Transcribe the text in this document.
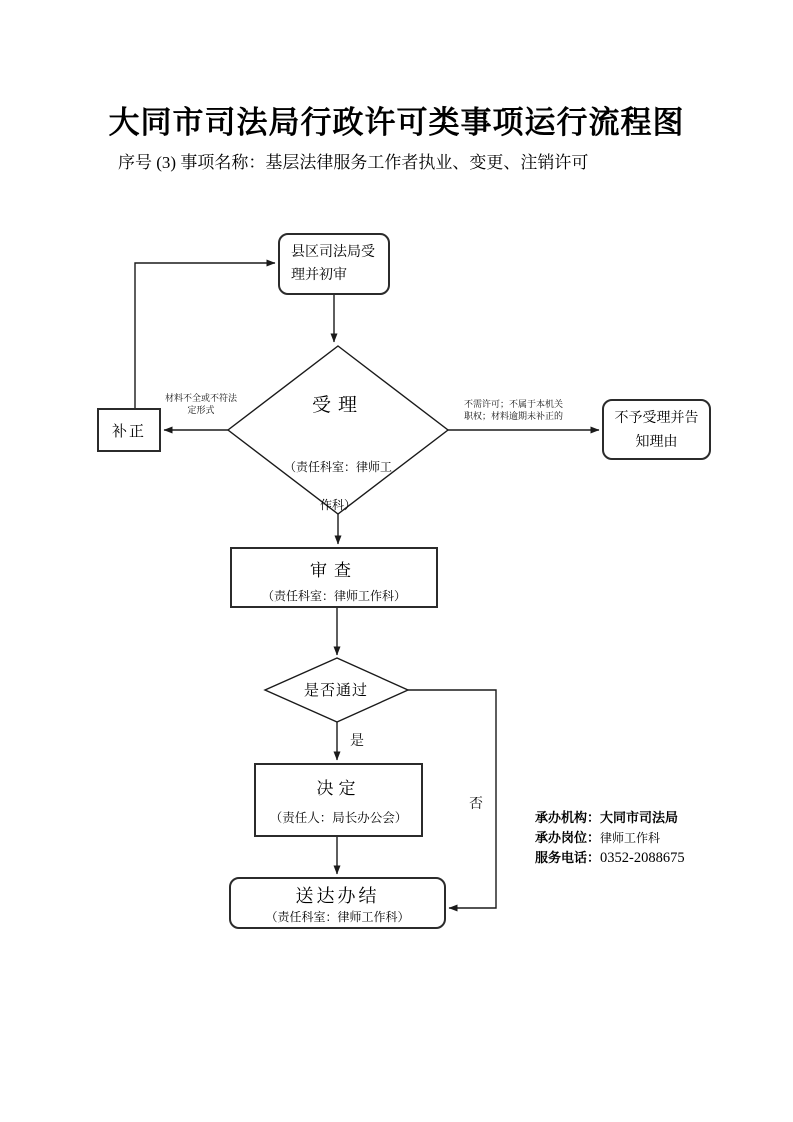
大同市司法局行政许可类事项运行流程图
序号 (3) 事项名称：基层法律服务工作者执业、变更、注销许可
县区司法局受理并初审
补正
不予受理并告知理由
受理
（责任科室：律师工作科）
审查
（责任科室：律师工作科）
是否通过
决定
（责任人：局长办公会）
送达办结
（责任科室：律师工作科）
材料不全或不符法定形式
不需许可；不属于本机关职权；材料逾期未补正的
是
否
承办机构：大同市司法局
承办岗位：律师工作科
服务电话：0352-2088675
